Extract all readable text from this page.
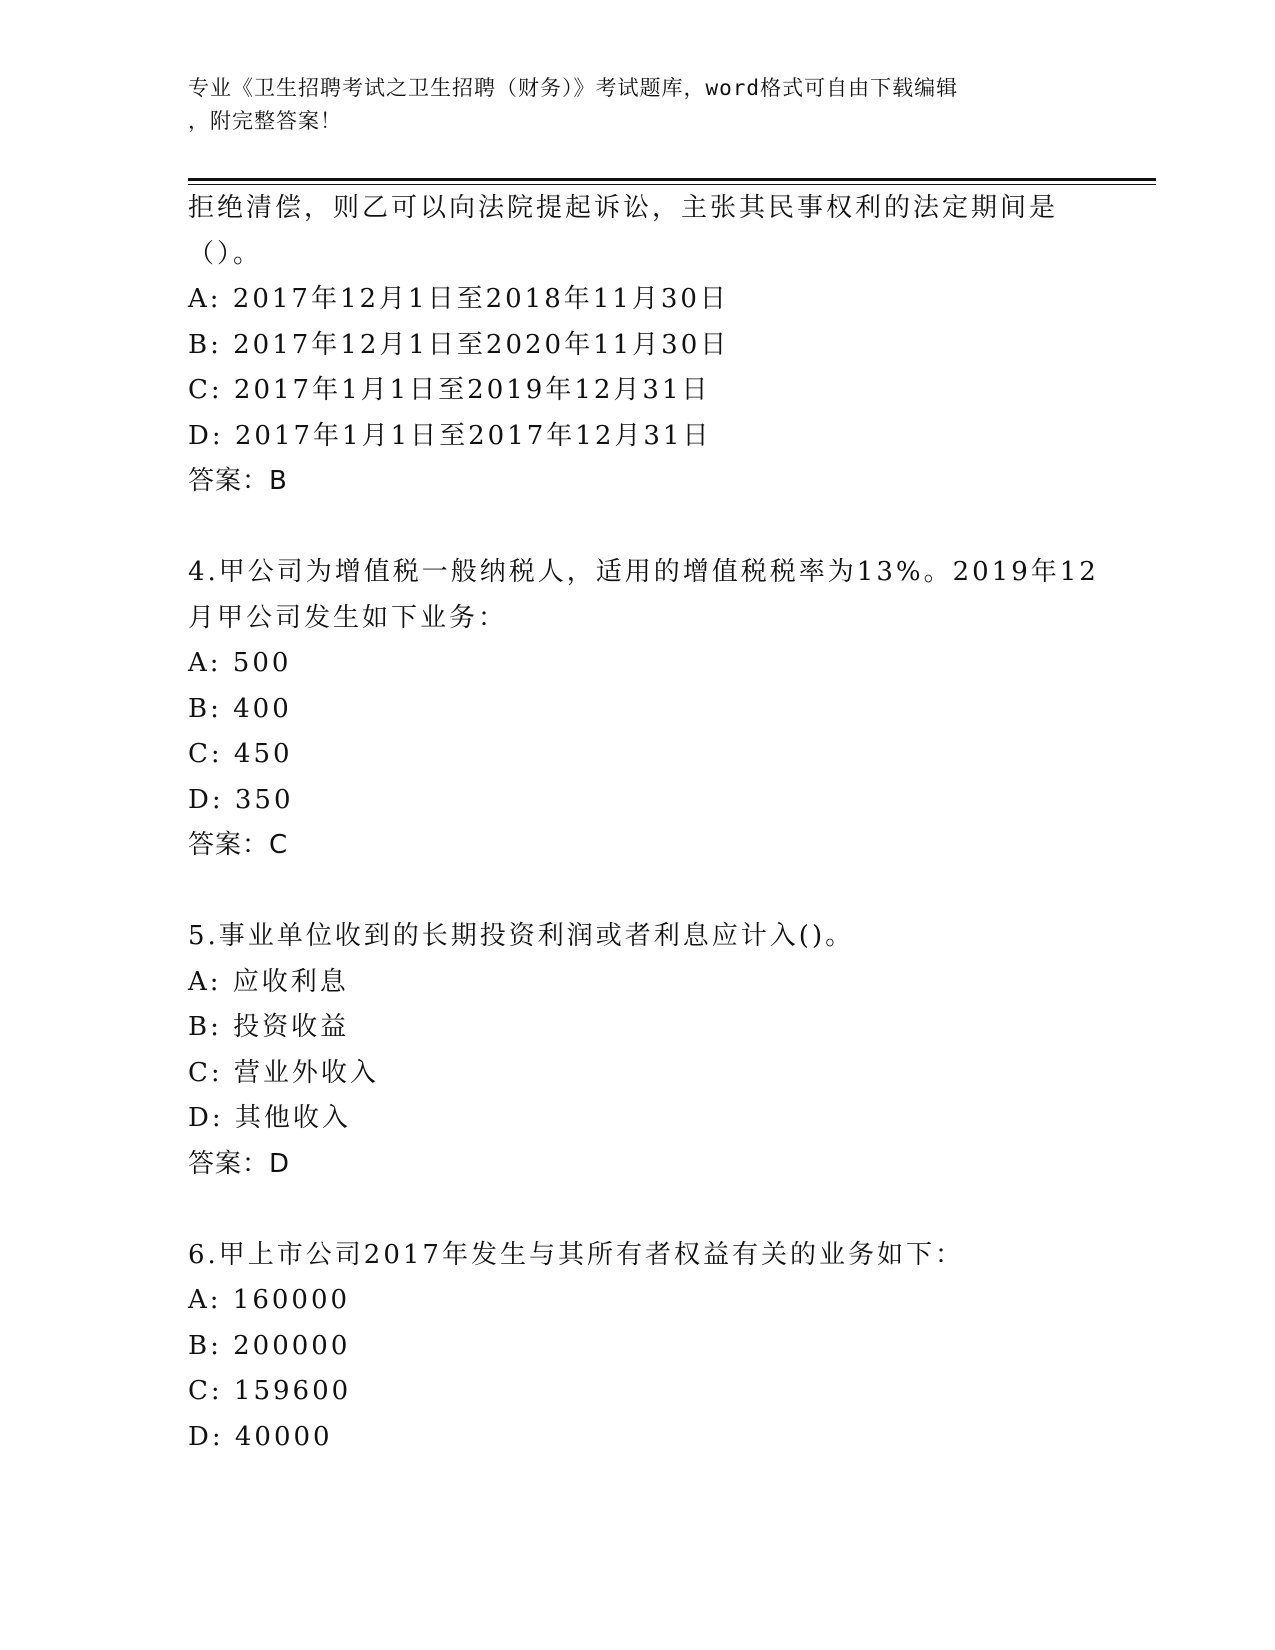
专业《卫生招聘考试之卫生招聘（财务）》考试题库，word格式可自由下载编辑
，附完整答案！
拒绝清偿，则乙可以向法院提起诉讼，主张其民事权利的法定期间是
（）。
A: 2017年12月1日至2018年11月30日
B: 2017年12月1日至2020年11月30日
C: 2017年1月1日至2019年12月31日
D: 2017年1月1日至2017年12月31日
答案：B
4.甲公司为增值税一般纳税人，适用的增值税税率为13%。2019年12
月甲公司发生如下业务：
A: 500
B: 400
C: 450
D: 350
答案：C
5.事业单位收到的长期投资利润或者利息应计入()。
A: 应收利息
B: 投资收益
C: 营业外收入
D: 其他收入
答案：D
6.甲上市公司2017年发生与其所有者权益有关的业务如下：
A: 160000
B: 200000
C: 159600
D: 40000
